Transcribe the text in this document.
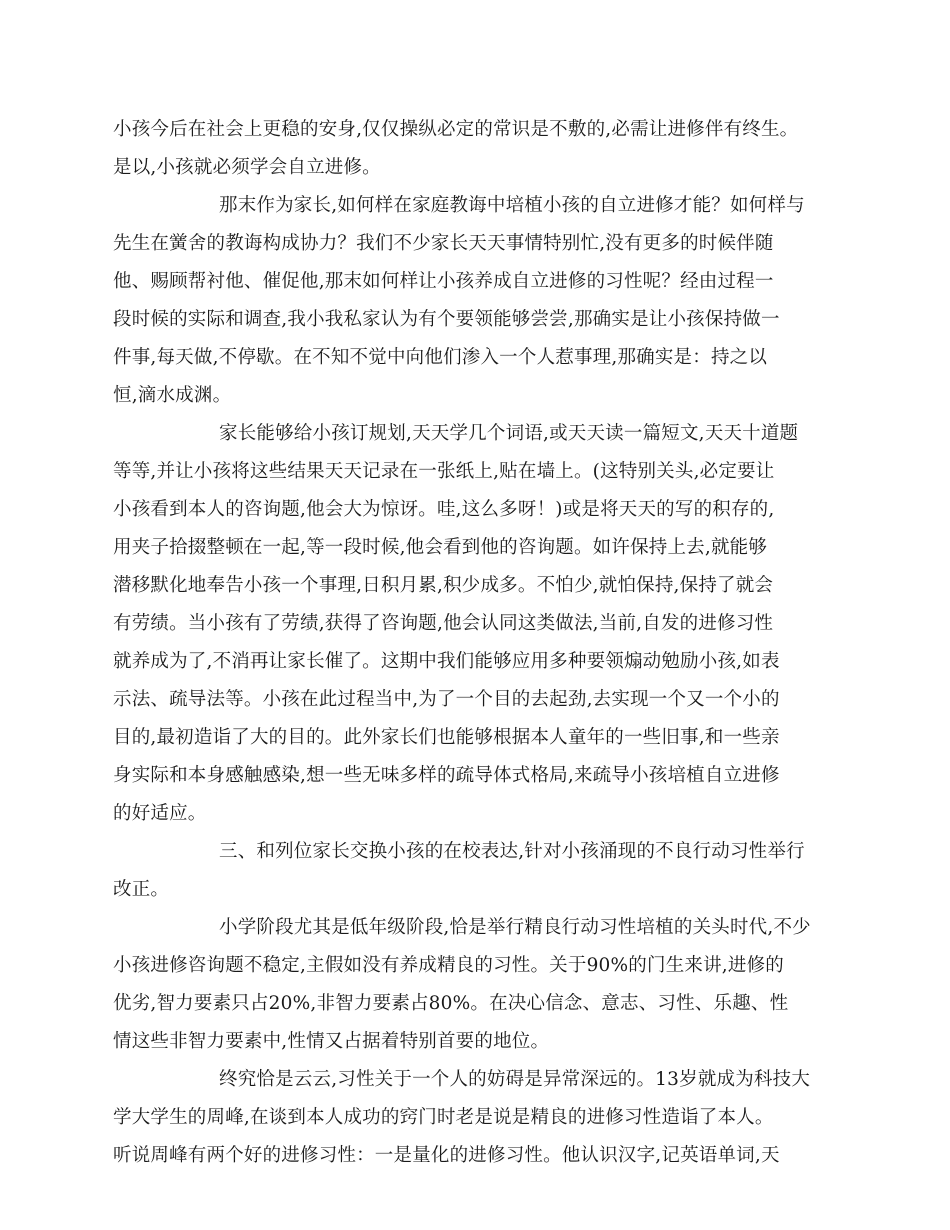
小孩今后在社会上更稳的安身,仅仅操纵必定的常识是不敷的,必需让进修伴有终生。
是以,小孩就必须学会自立进修。
那末作为家长,如何样在家庭教诲中培植小孩的自立进修才能？如何样与
先生在黉舍的教诲构成协力？我们不少家长天天事情特别忙,没有更多的时候伴随
他、赐顾帮衬他、催促他,那末如何样让小孩养成自立进修的习性呢？经由过程一
段时候的实际和调查,我小我私家认为有个要领能够尝尝,那确实是让小孩保持做一
件事,每天做,不停歇。在不知不觉中向他们渗入一个人惹事理,那确实是：持之以
恒,滴水成渊。
家长能够给小孩订规划,天天学几个词语,或天天读一篇短文,天天十道题
等等,并让小孩将这些结果天天记录在一张纸上,贴在墙上。(这特别关头,必定要让
小孩看到本人的咨询题,他会大为惊讶。哇,这么多呀！)或是将天天的写的积存的,
用夹子拾掇整顿在一起,等一段时候,他会看到他的咨询题。如许保持上去,就能够
潜移默化地奉告小孩一个事理,日积月累,积少成多。不怕少,就怕保持,保持了就会
有劳绩。当小孩有了劳绩,获得了咨询题,他会认同这类做法,当前,自发的进修习性
就养成为了,不消再让家长催了。这期中我们能够应用多种要领煽动勉励小孩,如表
示法、疏导法等。小孩在此过程当中,为了一个目的去起劲,去实现一个又一个小的
目的,最初造诣了大的目的。此外家长们也能够根据本人童年的一些旧事,和一些亲
身实际和本身感触感染,想一些无味多样的疏导体式格局,来疏导小孩培植自立进修
的好适应。
三、和列位家长交换小孩的在校表达,针对小孩涌现的不良行动习性举行
改正。
小学阶段尤其是低年级阶段,恰是举行精良行动习性培植的关头时代,不少
小孩进修咨询题不稳定,主假如没有养成精良的习性。关于90%的门生来讲,进修的
优劣,智力要素只占20%,非智力要素占80%。在决心信念、意志、习性、乐趣、性
情这些非智力要素中,性情又占据着特别首要的地位。
终究恰是云云,习性关于一个人的妨碍是异常深远的。13岁就成为科技大
学大学生的周峰,在谈到本人成功的窍门时老是说是精良的进修习性造诣了本人。
听说周峰有两个好的进修习性：一是量化的进修习性。他认识汉字,记英语单词,天
